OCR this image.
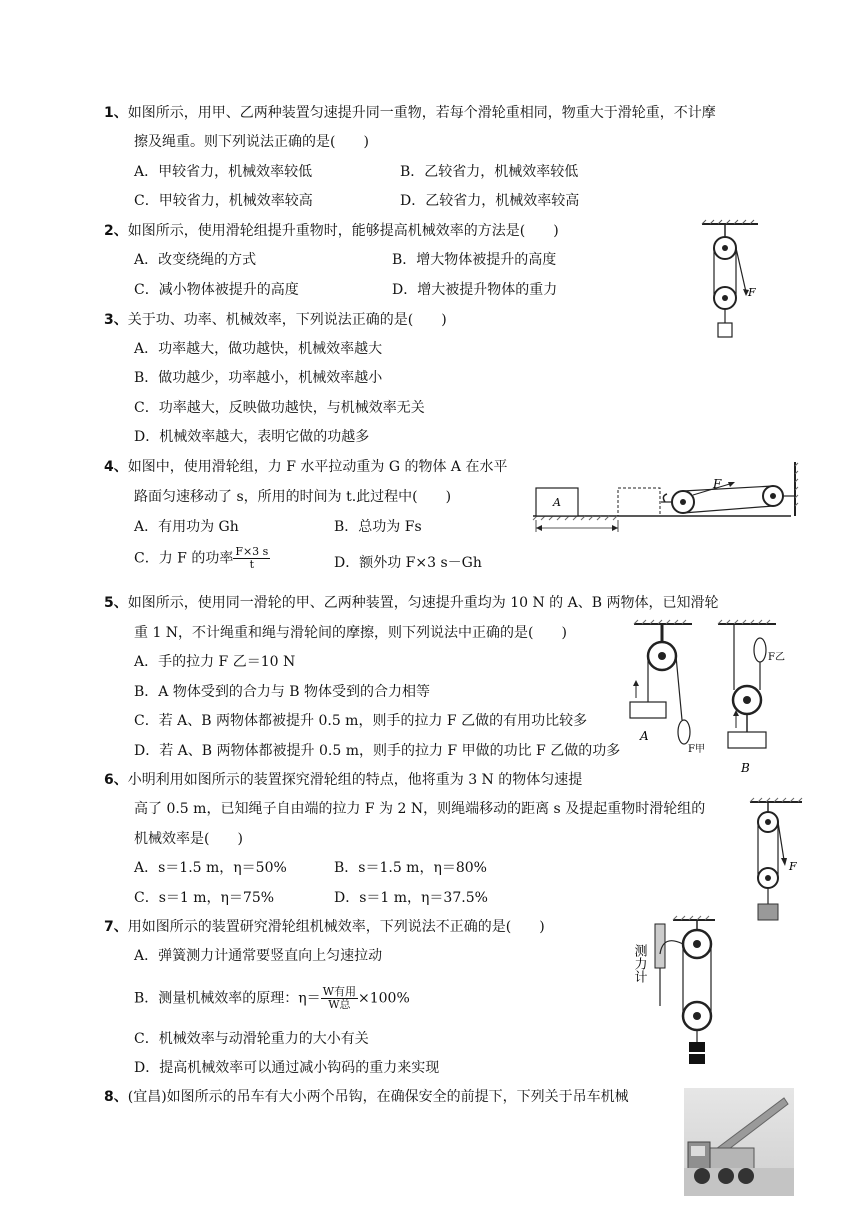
1、如图所示，用甲、乙两种装置匀速提升同一重物，若每个滑轮重相同，物重大于滑轮重，不计摩
擦及绳重。则下列说法正确的是(　　)
A．甲较省力，机械效率较低	B．乙较省力，机械效率较低
C．甲较省力，机械效率较高	D．乙较省力，机械效率较高
2、如图所示，使用滑轮组提升重物时，能够提高机械效率的方法是(　　)
A．改变绕绳的方式	B．增大物体被提升的高度
C．减小物体被提升的高度	D．增大被提升物体的重力	F
3、关于功、功率、机械效率，下列说法正确的是(　　)
A．功率越大，做功越快，机械效率越大
B．做功越少，功率越小，机械效率越小
C．功率越大，反映做功越快，与机械效率无关
D．机械效率越大，表明它做的功越多
4、如图中，使用滑轮组，力 F 水平拉动重为 G 的物体 A 在水平
路面匀速移动了 s，所用的时间为 t.此过程中(　　)
A．有用功为 Gh	B．总功为 Fs
C．力 F 的功率 $\frac{F\times 3 s}{t}$	D．额外功 F×3 s－Gh
A
F
5、如图所示，使用同一滑轮的甲、乙两种装置，匀速提升重均为 10 N 的 A、B 两物体，已知滑轮
重 1 N，不计绳重和绳与滑轮间的摩擦，则下列说法中正确的是(　　)
A．手的拉力 F 乙＝10 N
B．A 物体受到的合力与 B 物体受到的合力相等
C．若 A、B 两物体都被提升 0.5 m，则手的拉力 F 乙做的有用功比较多
D．若 A、B 两物体都被提升 0.5 m，则手的拉力 F 甲做的功比 F 乙做的功多
A
F甲
F乙
B
6、小明利用如图所示的装置探究滑轮组的特点，他将重为 3 N 的物体匀速提
高了 0.5 m，已知绳子自由端的拉力 F 为 2 N，则绳端移动的距离 s 及提起重物时滑轮组的
机械效率是(　　)
A．s＝1.5 m，η＝50%	B．s＝1.5 m，η＝80%
C．s＝1 m，η＝75%	D．s＝1 m，η＝37.5%
F
7、用如图所示的装置研究滑轮组机械效率，下列说法不正确的是(　　)
A．弹簧测力计通常要竖直向上匀速拉动
B．测量机械效率的原理：$\eta= \frac{\text{W有用}}{\text{W总}} \times 100\%$
C．机械效率与动滑轮重力的大小有关
D．提高机械效率可以通过减小钩码的重力来实现
测力计
8、(宜昌)如图所示的吊车有大小两个吊钩，在确保安全的前提下，下列关于吊车机械
